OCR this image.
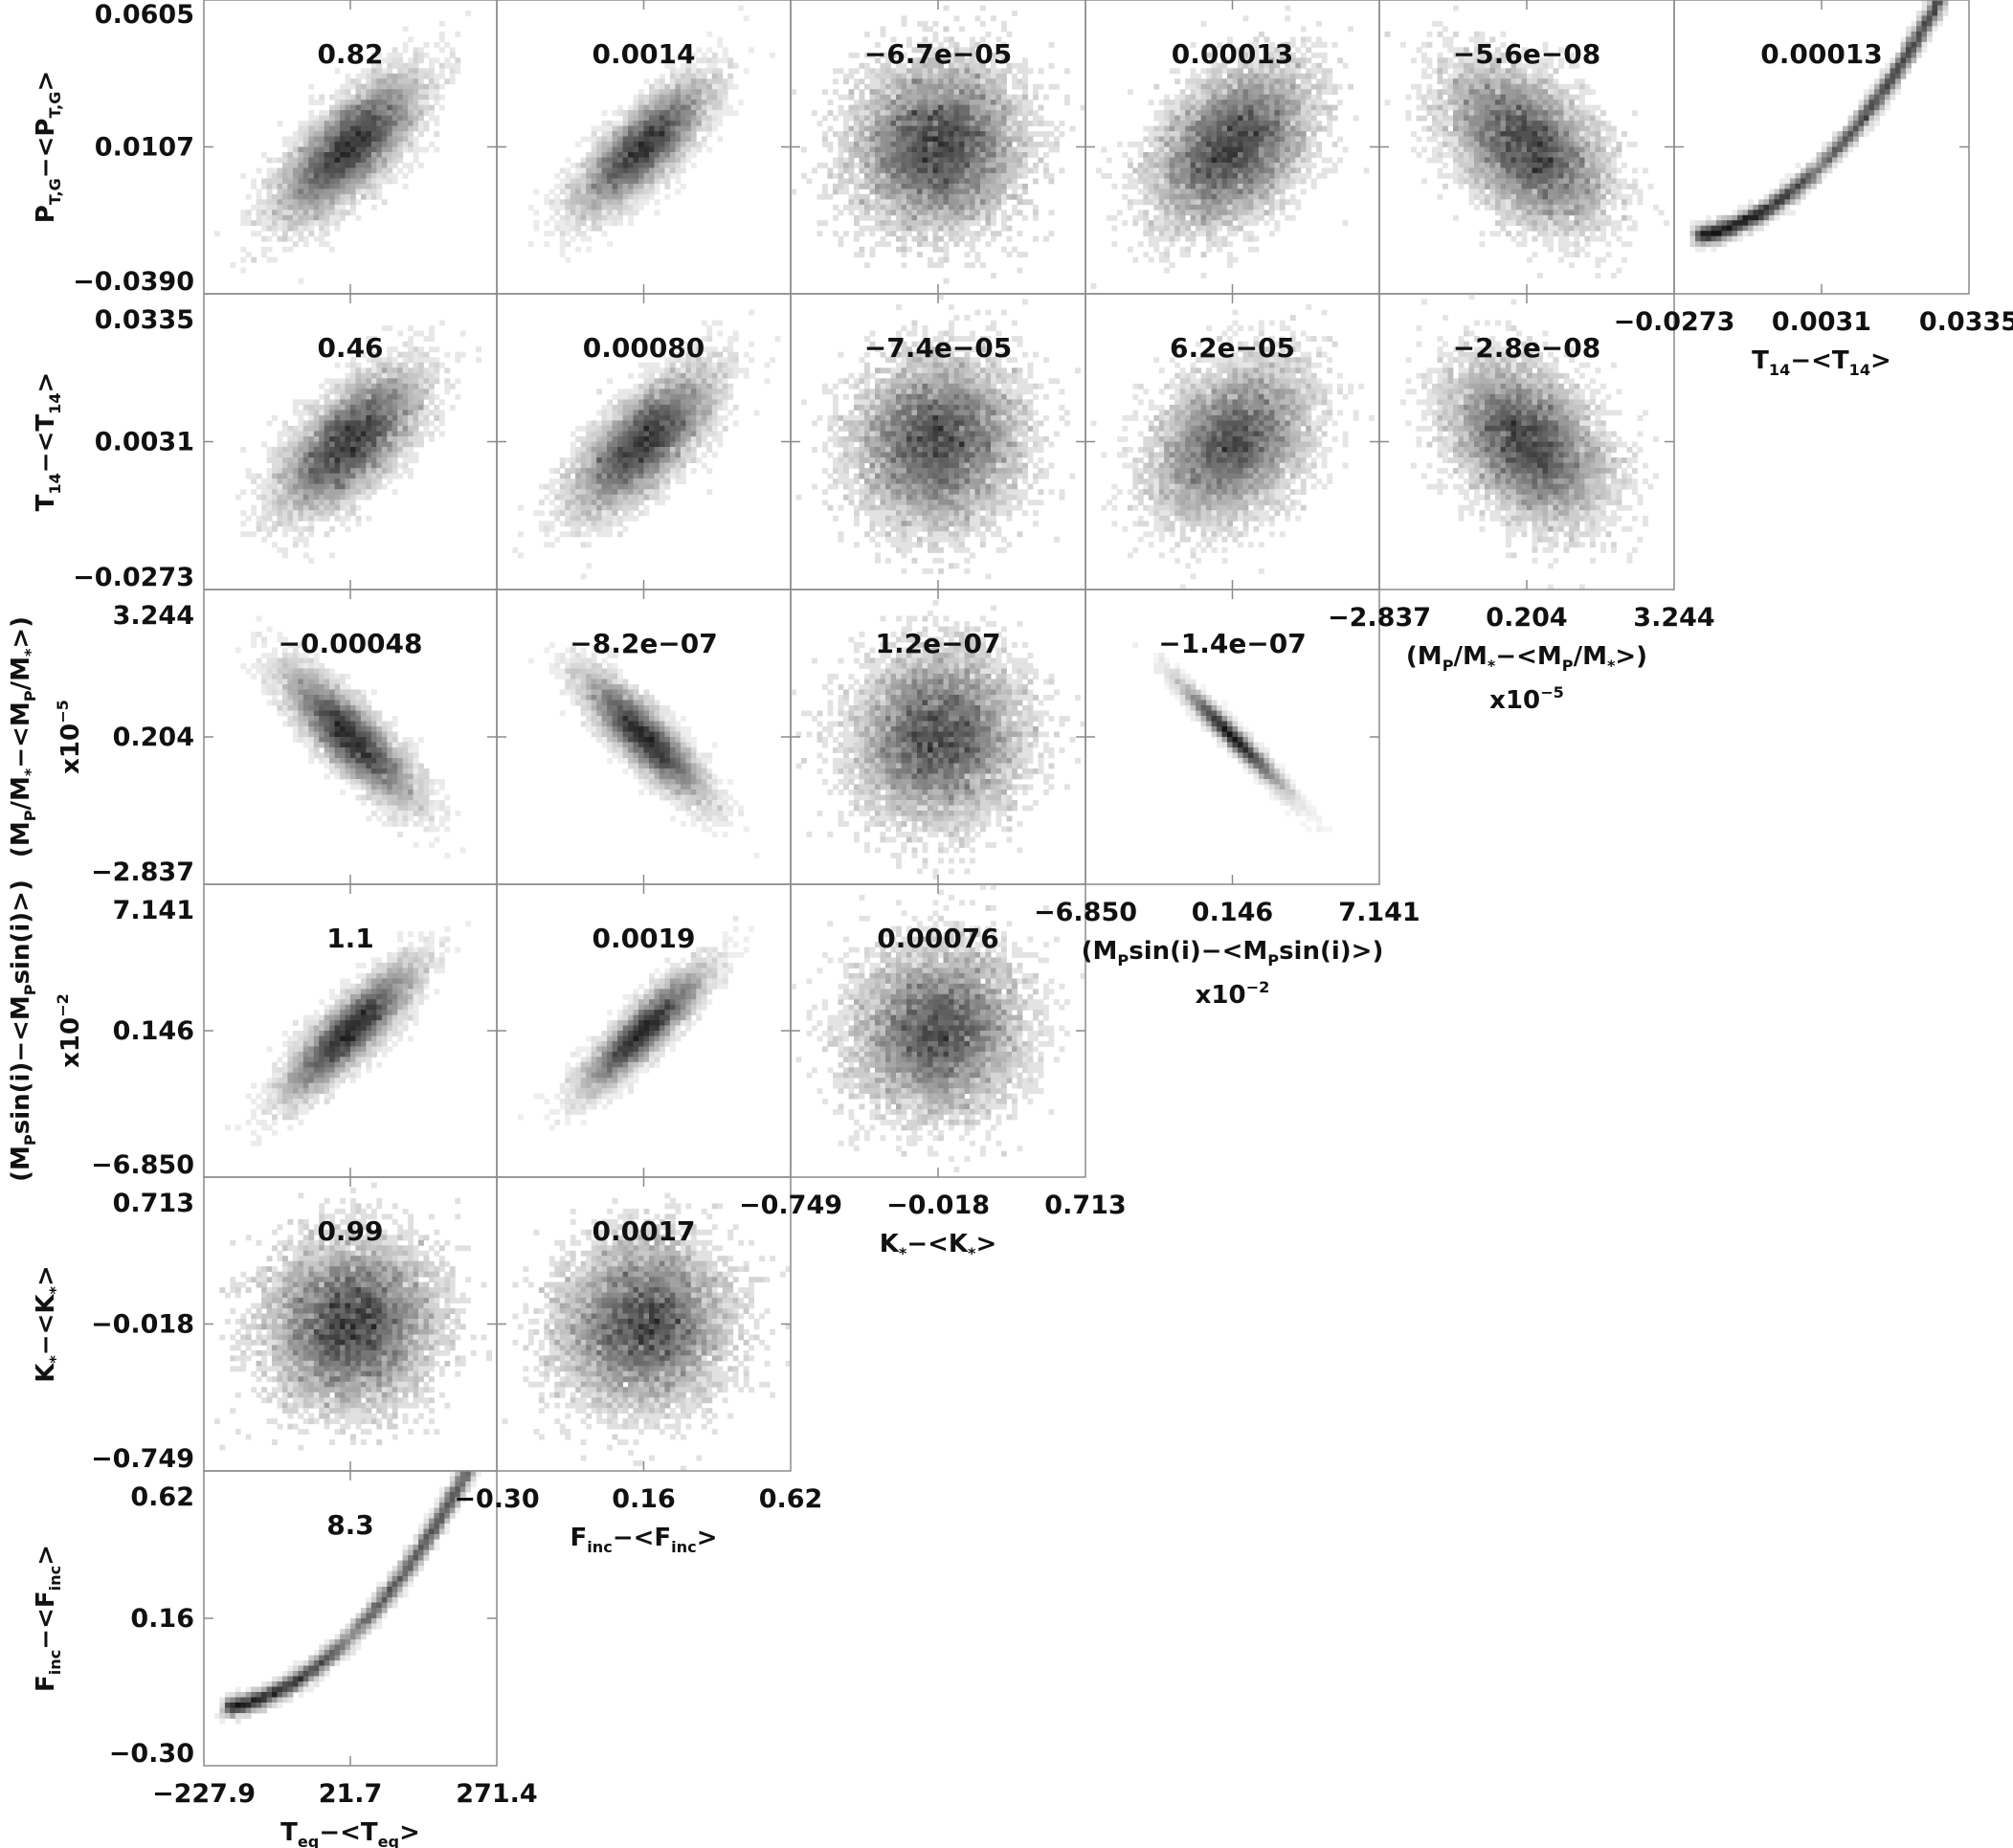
0.82	0.0014	−6.7e−05	0.00013	−5.6e−08	0.00013
0.46	0.00080	−7.4e−05	6.2e−05	−2.8e−08
−0.00048	−8.2e−07	1.2e−07	−1.4e−07
1.1	0.0019	0.00076
0.99	0.0017
8.3
−0.0390
0.0107
0.0605
$P_{T,G}-<P_{T,G}>$
−0.0273
0.0031
0.0335
$T_{14}-<T_{14}>$
−2.837
0.204
3.244
$(M_P/M_*-<M_P/M_*>)$
$x10^{-5}$
−6.850
0.146
7.141
$(M_P\sin(i)-<M_P\sin(i)>)$
$x10^{-2}$
−0.749
−0.018
0.713
$K_*-<K_*>$
−0.30
0.16
0.62
$F_{inc}-<F_{inc}>$
−227.9 21.7	271.4
$T_{eq}-<T_{eq}>$
−0.30	0.16	0.62
$F_{inc}-<F_{inc}>$
−0.749 −0.018 0.713
$K_*-<K_*>$
−6.850 0.146	7.141
$(M_P\sin(i)-<M_P\sin(i)>)$
$x10^{-2}$
−2.837 0.204	3.244
$(M_P/M_*-<M_P/M_*>)$
$x10^{-5}$
−0.0273 0.0031 0.0335
$T_{14}-<T_{14}>$
